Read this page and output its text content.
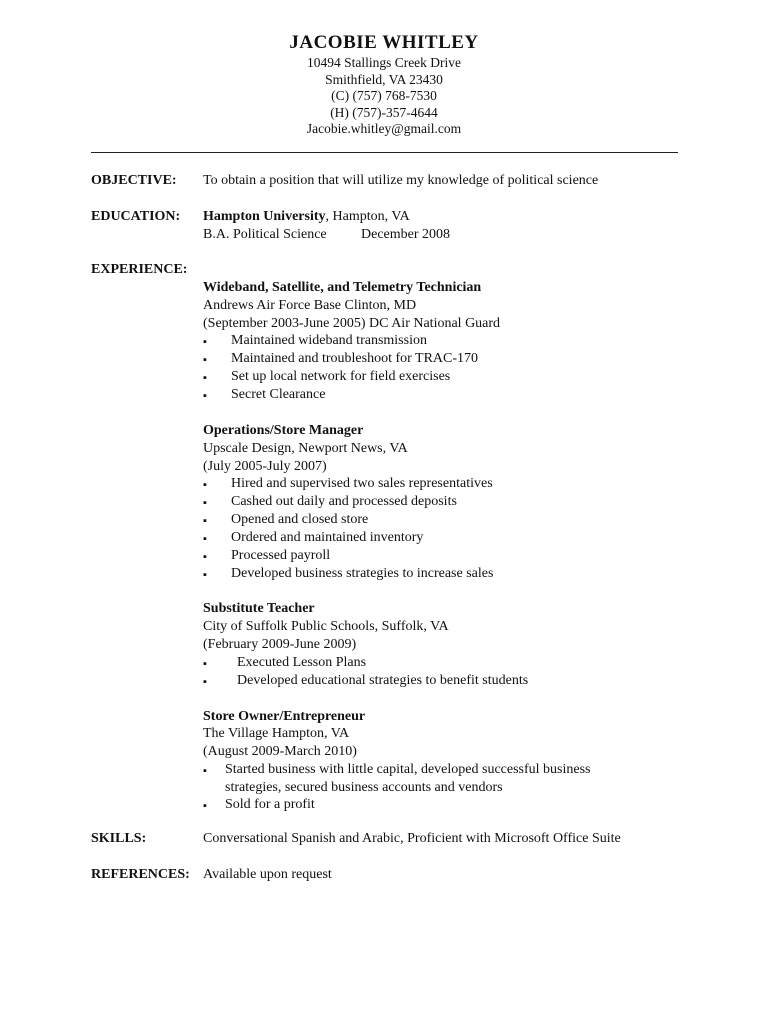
JACOBIE WHITLEY
10494 Stallings Creek Drive
Smithfield, VA 23430
(C) (757) 768-7530
(H) (757)-357-4644
Jacobie.whitley@gmail.com
OBJECTIVE: To obtain a position that will utilize my knowledge of political science
EDUCATION: Hampton University, Hampton, VA
B.A. Political Science December 2008
EXPERIENCE:
Wideband, Satellite, and Telemetry Technician
Andrews Air Force Base Clinton, MD
(September 2003-June 2005) DC Air National Guard
▪ Maintained wideband transmission
▪ Maintained and troubleshoot for TRAC-170
▪ Set up local network for field exercises
▪ Secret Clearance
Operations/Store Manager
Upscale Design, Newport News, VA
(July 2005-July 2007)
▪ Hired and supervised two sales representatives
▪ Cashed out daily and processed deposits
▪ Opened and closed store
▪ Ordered and maintained inventory
▪ Processed payroll
▪ Developed business strategies to increase sales
Substitute Teacher
City of Suffolk Public Schools, Suffolk, VA
(February 2009-June 2009)
▪ Executed Lesson Plans
▪ Developed educational strategies to benefit students
Store Owner/Entrepreneur
The Village Hampton, VA
(August 2009-March 2010)
▪ Started business with little capital, developed successful business
strategies, secured business accounts and vendors
▪ Sold for a profit
SKILLS:	Conversational Spanish and Arabic, Proficient with Microsoft Office Suite
REFERENCES: Available upon request
